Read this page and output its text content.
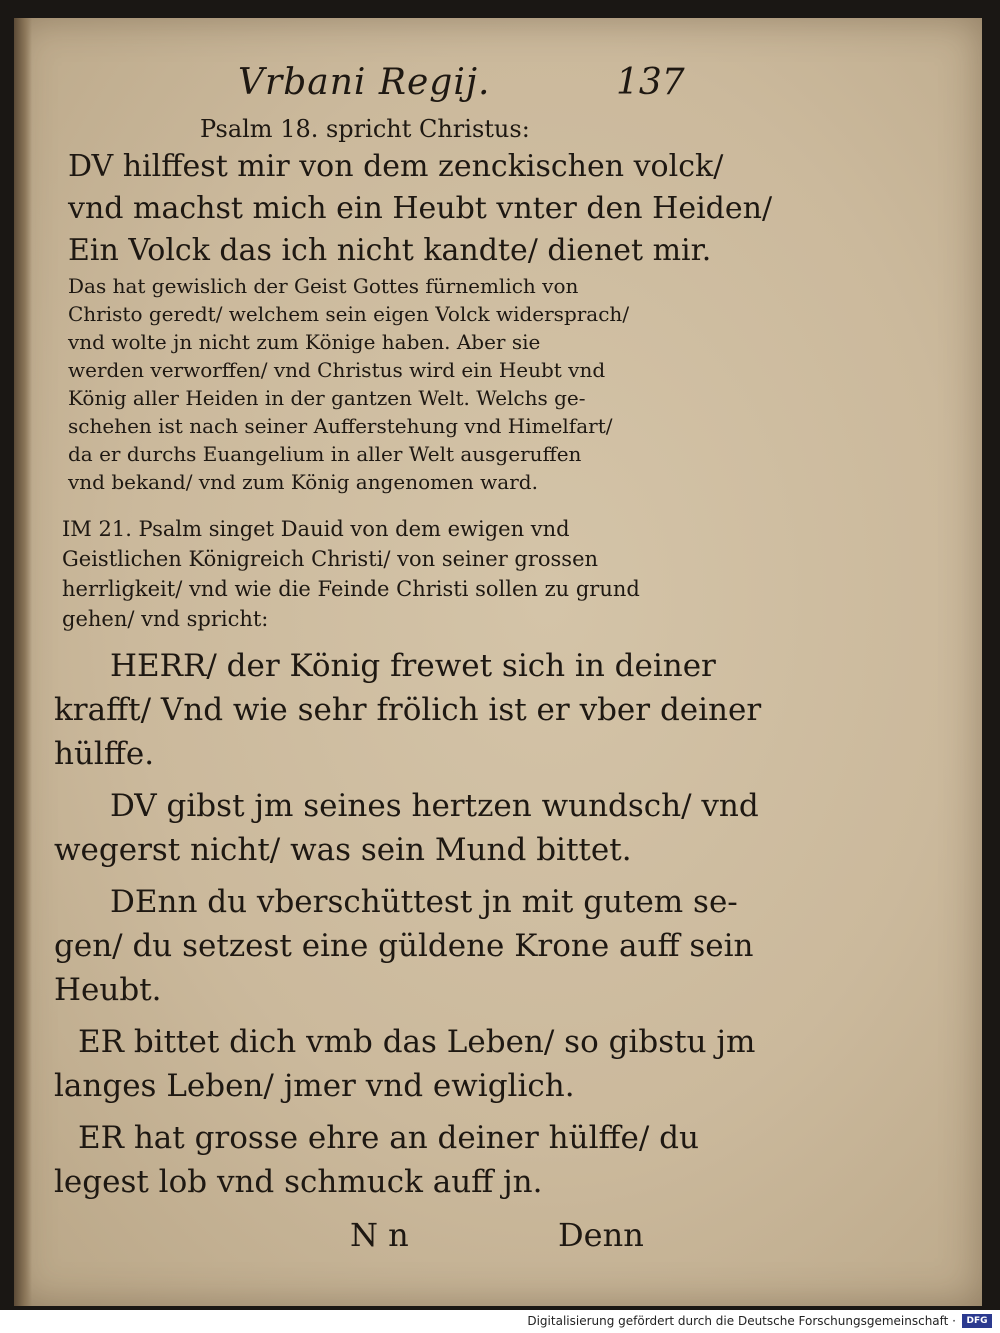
Vrbani Regij.	137
Psalm 18. spricht Christus:
DV hilffest mir von dem zenckischen volck/
vnd machst mich ein Heubt vnter den Heiden/
Ein Volck das ich nicht kandte/ dienet mir.
Das hat gewislich der Geist Gottes fürnemlich von
Christo geredt/ welchem sein eigen Volck widersprach/
vnd wolte jn nicht zum Könige haben. Aber sie
werden verworffen/ vnd Christus wird ein Heubt vnd
König aller Heiden in der gantzen Welt. Welchs ge-
schehen ist nach seiner Aufferstehung vnd Himelfart/
da er durchs Euangelium in aller Welt ausgeruffen
vnd bekand/ vnd zum König angenomen ward.
IM 21. Psalm singet Dauid von dem ewigen vnd
Geistlichen Königreich Christi/ von seiner grossen
herrligkeit/ vnd wie die Feinde Christi sollen zu grund
gehen/ vnd spricht:
HERR/ der König frewet sich in deiner
krafft/ Vnd wie sehr frölich ist er vber deiner
hülffe.
DV gibst jm seines hertzen wundsch/ vnd
wegerst nicht/ was sein Mund bittet.
DEnn du vberschüttest jn mit gutem se-
gen/ du setzest eine güldene Krone auff sein
Heubt.
ER bittet dich vmb das Leben/ so gibstu jm
langes Leben/ jmer vnd ewiglich.
ER hat grosse ehre an deiner hülffe/ du
legest lob vnd schmuck auff jn.
N n	Denn
Digitalisierung gefördert durch die Deutsche Forschungsgemeinschaft ·	DFG
